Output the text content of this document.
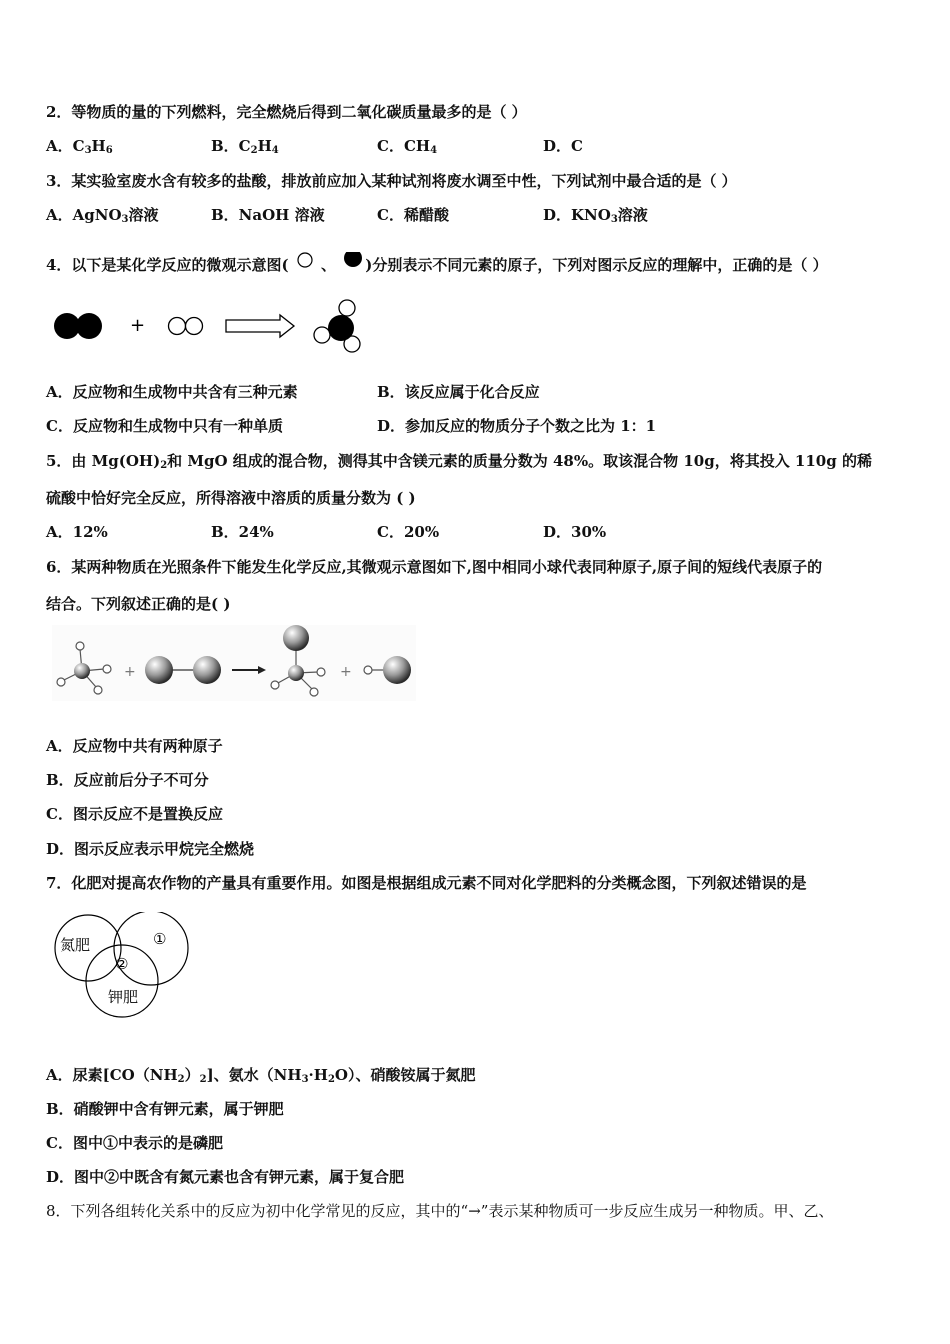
2．等物质的量的下列燃料，完全燃烧后得到二氧化碳质量最多的是（ ）
A．$C_3H_6$	B．$C_2H_4$	C．$CH_4$	D．C
3．某实验室废水含有较多的盐酸，排放前应加入某种试剂将废水调至中性，下列试剂中最合适的是（ ）
A．AgNO$_3$溶液	B．NaOH 溶液	C．稀醋酸	D．$KNO_3$溶液
4．以下是某化学反应的微观示意图( 、 )分别表示不同元素的原子，下列对图示反应的理解中，正确的是（ ）
+
A．反应物和生成物中共含有三种元素	B．该反应属于化合反应
C．反应物和生成物中只有一种单质	D．参加反应的物质分子个数之比为 1：1
5．由 $Mg(OH)_2$和 MgO 组成的混合物，测得其中含镁元素的质量分数为 48%。取该混合物 10g，将其投入 110g 的稀
硫酸中恰好完全反应，所得溶液中溶质的质量分数为 ( )
A．12%	B．24%	C．20%	D．30%
6．某两种物质在光照条件下能发生化学反应,其微观示意图如下,图中相同小球代表同种原子,原子间的短线代表原子的
结合。下列叙述正确的是( )
+	+
A．反应物中共有两种原子
B．反应前后分子不可分
C．图示反应不是置换反应
D．图示反应表示甲烷完全燃烧
7．化肥对提高农作物的产量具有重要作用。如图是根据组成元素不同对化学肥料的分类概念图，下列叙述错误的是
氮肥	①
②
钾肥
A．尿素$[CO(NH_2)_2]$、氨水$(NH_3\cdot H_2O)$、硝酸铵属于氮肥
B．硝酸钾中含有钾元素，属于钾肥
C．图中①中表示的是磷肥
D．图中②中既含有氮元素也含有钾元素，属于复合肥
8．下列各组转化关系中的反应为初中化学常见的反应，其中的“→”表示某种物质可一步反应生成另一种物质。甲、乙、
